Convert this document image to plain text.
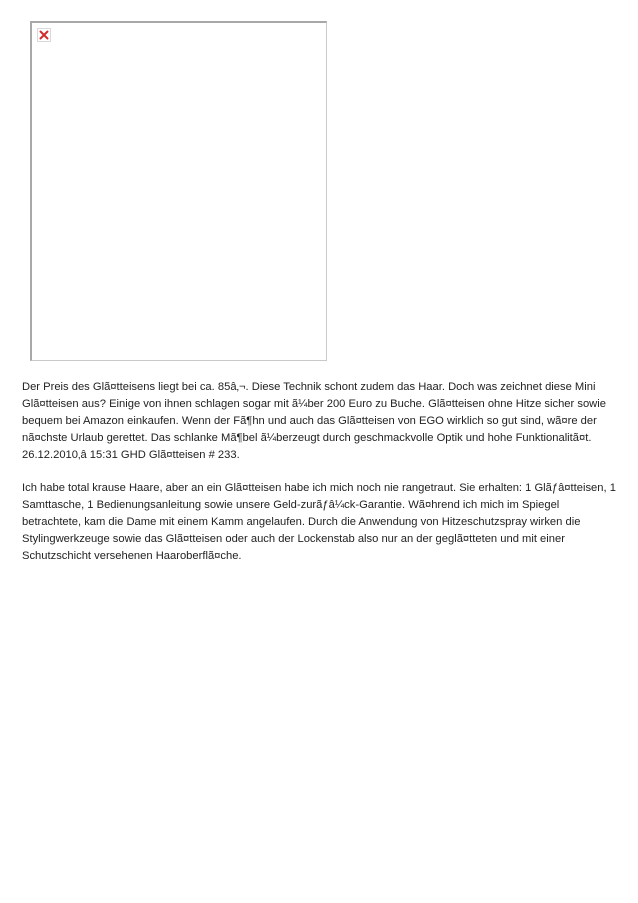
Der Preis des Glã¤tteisens liegt bei ca. 85â‚¬. Diese Technik schont zudem das Haar. Doch was zeichnet diese Mini Glã¤tteisen aus? Einige von ihnen schlagen sogar mit ã¼ber 200 Euro zu Buche. Glã¤tteisen ohne Hitze sicher sowie bequem bei Amazon einkaufen. Wenn der Fã¶hn und auch das Glã¤tteisen von EGO wirklich so gut sind, wã¤re der nã¤chste Urlaub gerettet. Das schlanke Mã¶bel ã¼berzeugt durch geschmackvolle Optik und hohe Funktionalitã¤t. 26.12.2010‚â 15:31 GHD Glã¤tteisen # 233.

Ich habe total krause Haare, aber an ein Glã¤tteisen habe ich mich noch nie rangetraut. Sie erhalten: 1 Glãƒâ¤tteisen, 1 Samttasche, 1 Bedienungsanleitung sowie unsere Geld-zurãƒâ¼ck-Garantie. Wã¤hrend ich mich im Spiegel betrachtete, kam die Dame mit einem Kamm angelaufen. Durch die Anwendung von Hitzeschutzspray wirken die Stylingwerkzeuge sowie das Glã¤tteisen oder auch der Lockenstab also nur an der geglã¤tteten und mit einer Schutzschicht versehenen Haaroberflã¤che.
